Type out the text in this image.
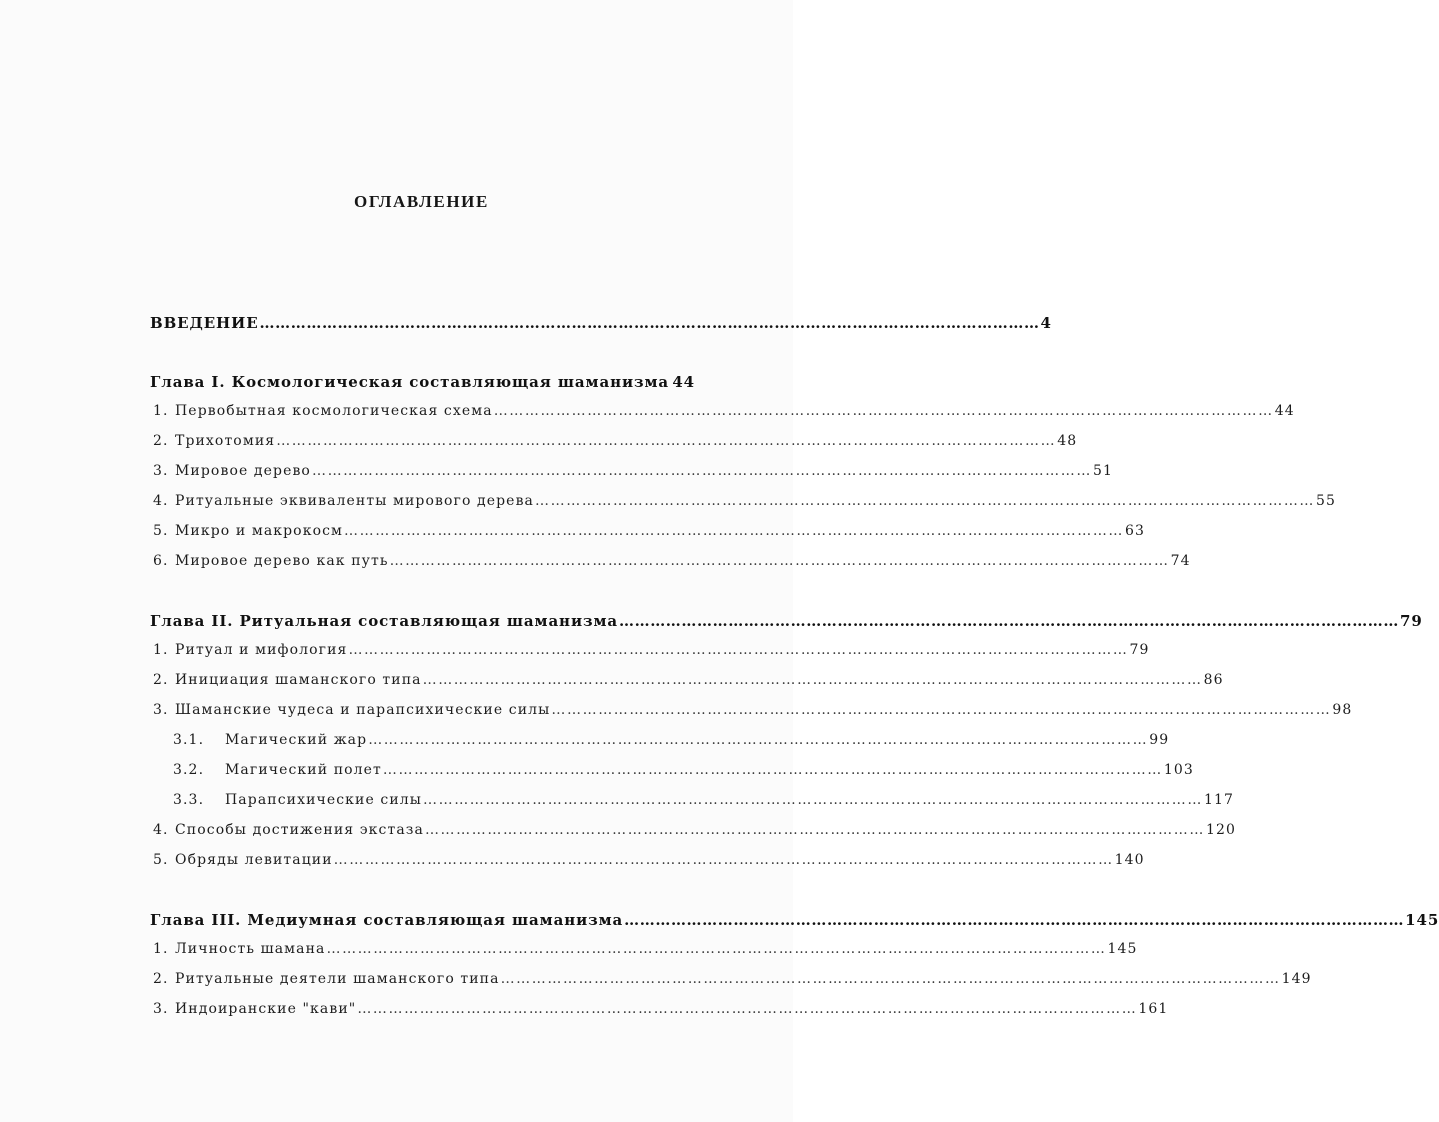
ОГЛАВЛЕНИЕ
ВВЕДЕНИЕ …………………………………………………………………………………………………………………………………… 4
Глава I. Космологическая составляющая шаманизма 44
1. Первобытная космологическая схема …………………………………………………………………………………………………………………………………… 44
2. Трихотомия …………………………………………………………………………………………………………………………………… 48
3. Мировое дерево …………………………………………………………………………………………………………………………………… 51
4. Ритуальные эквиваленты мирового дерева …………………………………………………………………………………………………………………………………… 55
5. Микро и макрокосм …………………………………………………………………………………………………………………………………… 63
6. Мировое дерево как путь …………………………………………………………………………………………………………………………………… 74
Глава II. Ритуальная составляющая шаманизма …………………………………………………………………………………………………………………………………… 79
1. Ритуал и мифология …………………………………………………………………………………………………………………………………… 79
2. Инициация шаманского типа …………………………………………………………………………………………………………………………………… 86
3. Шаманские чудеса и парапсихические силы …………………………………………………………………………………………………………………………………… 98
3.1.	Магический жар …………………………………………………………………………………………………………………………………… 99
3.2.	Магический полет …………………………………………………………………………………………………………………………………… 103
3.3.	Парапсихические силы …………………………………………………………………………………………………………………………………… 117
4. Способы достижения экстаза …………………………………………………………………………………………………………………………………… 120
5. Обряды левитации …………………………………………………………………………………………………………………………………… 140
Глава III. Медиумная составляющая шаманизма …………………………………………………………………………………………………………………………………… 145
1. Личность шамана …………………………………………………………………………………………………………………………………… 145
2. Ритуальные деятели шаманского типа …………………………………………………………………………………………………………………………………… 149
3. Индоиранские "кави" …………………………………………………………………………………………………………………………………… 161
